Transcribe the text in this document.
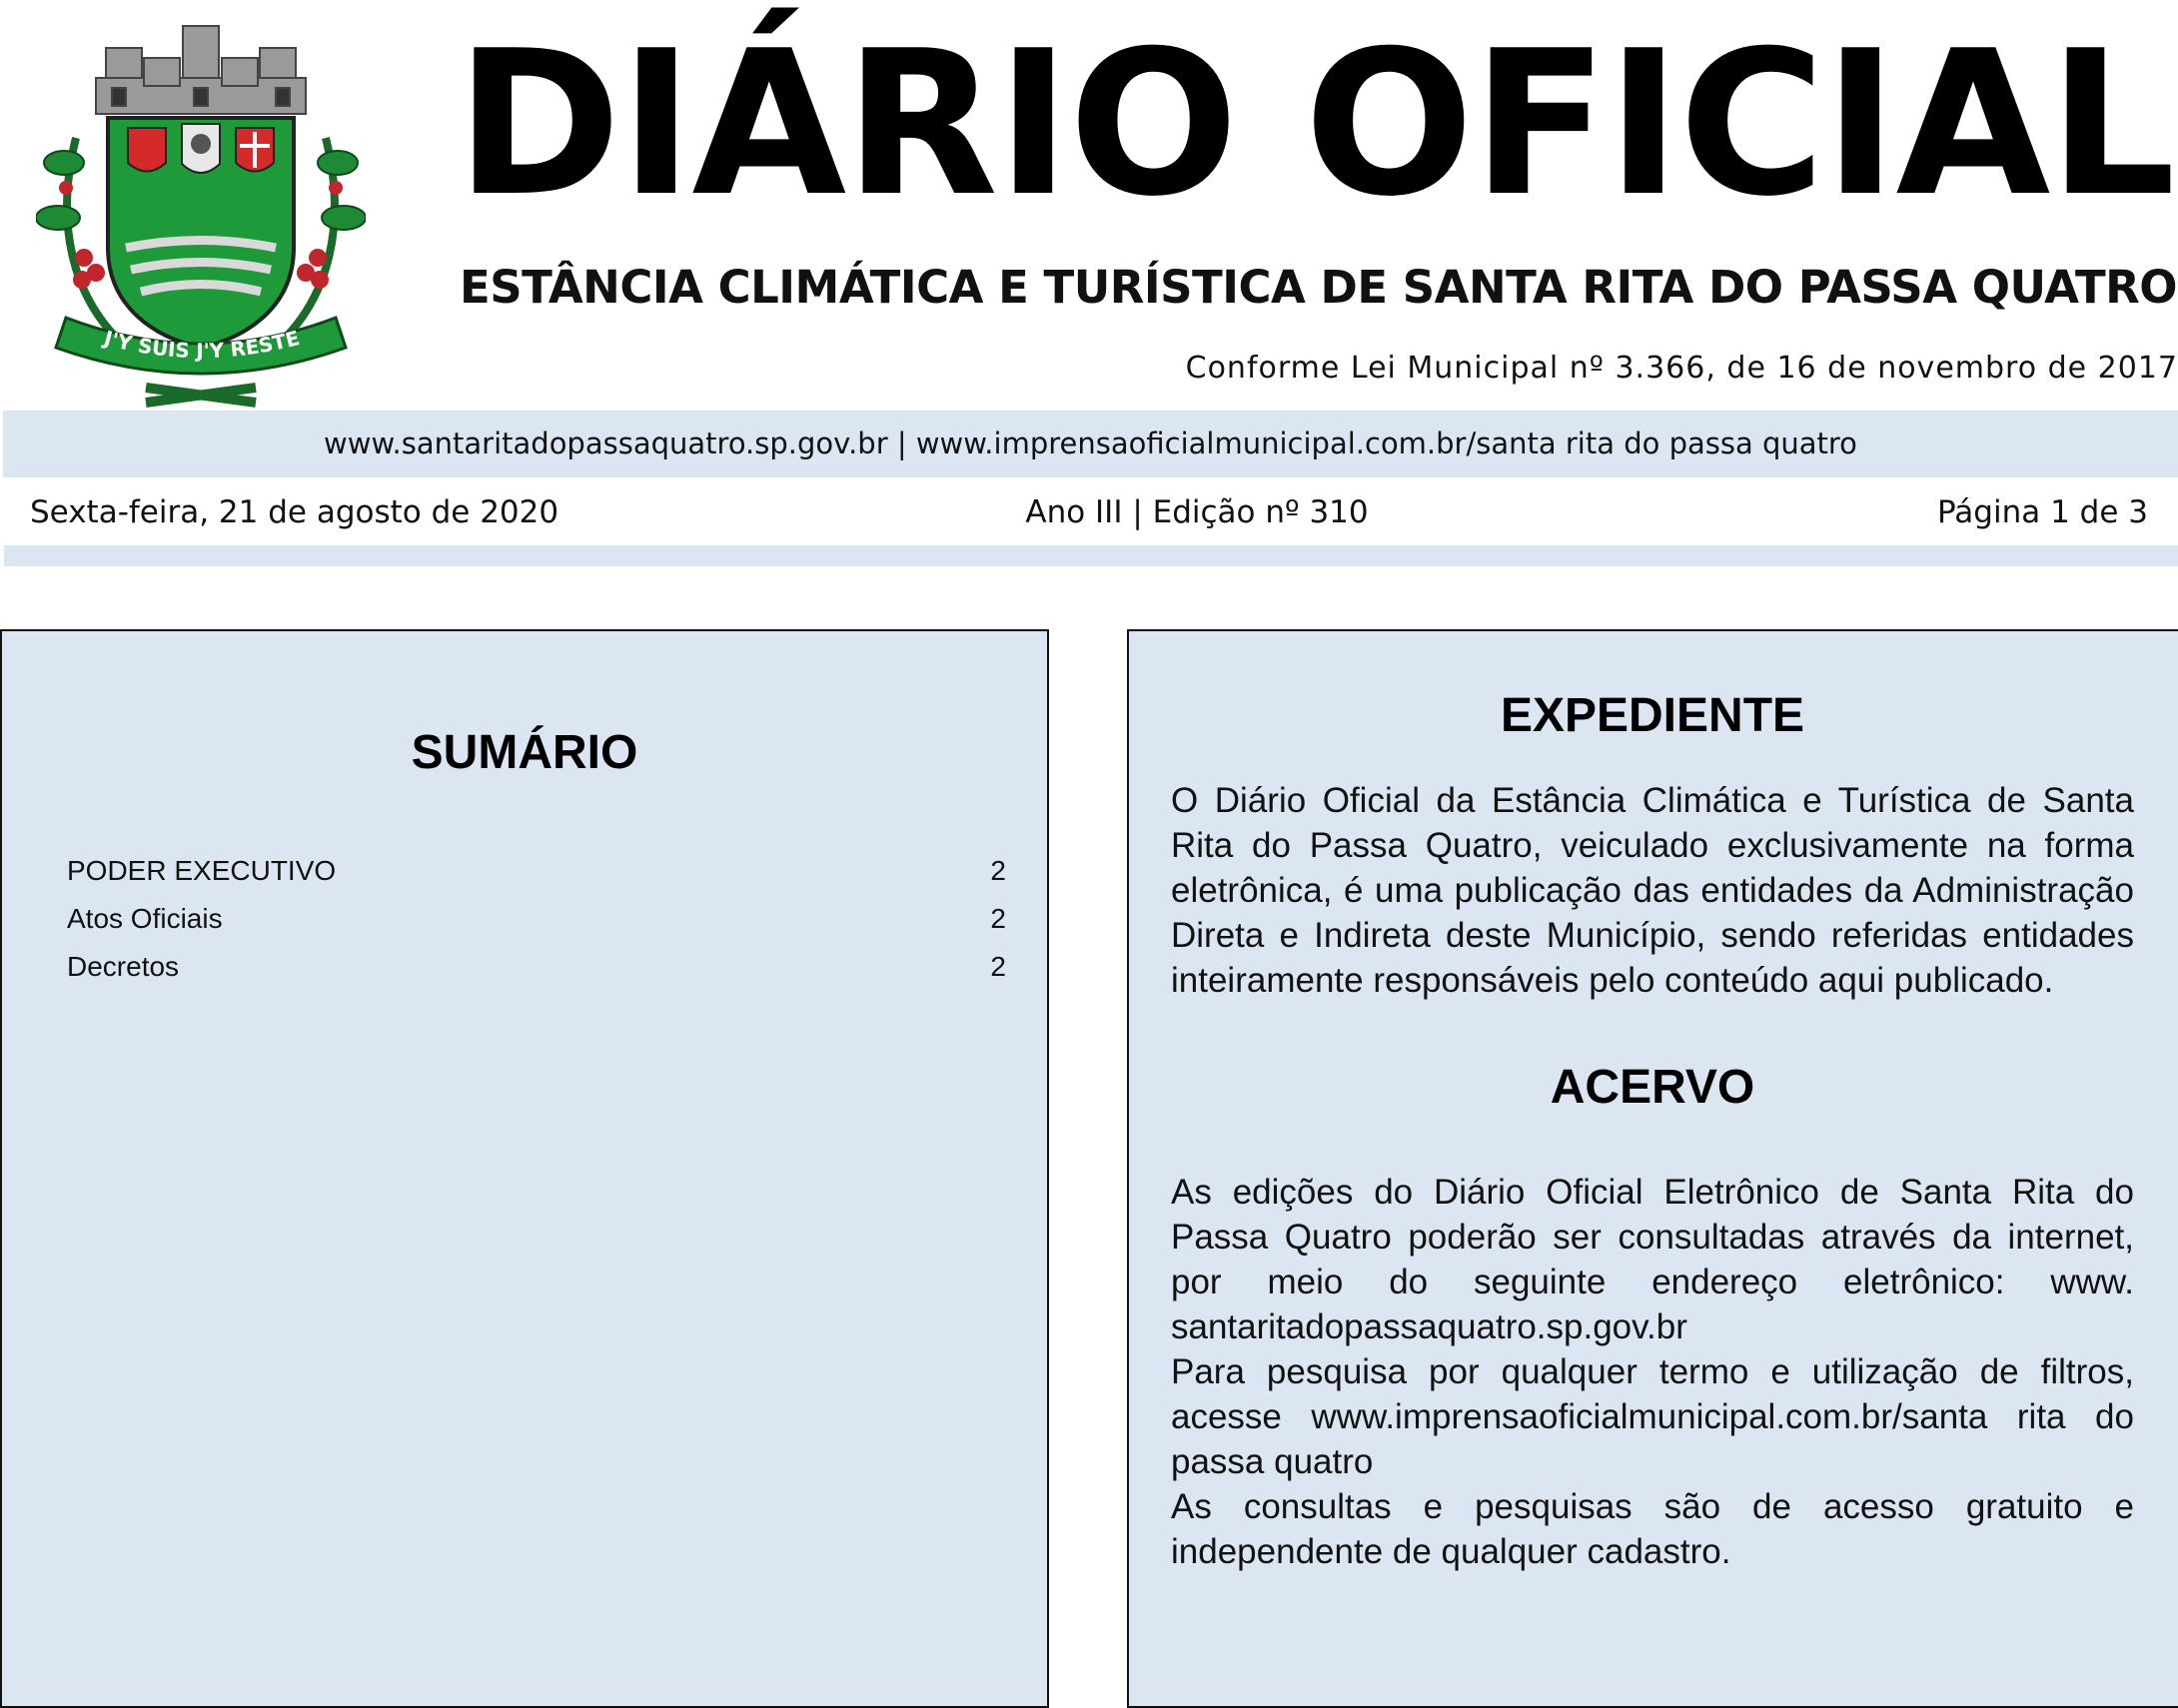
J'Y SUIS J'Y RESTE
DIÁRIO OFICIAL
ESTÂNCIA CLIMÁTICA E TURÍSTICA DE SANTA RITA DO PASSA QUATRO
Conforme Lei Municipal nº 3.366, de 16 de novembro de 2017
www.santaritadopassaquatro.sp.gov.br | www.imprensaoficialmunicipal.com.br/santa rita do passa quatro
Sexta-feira, 21 de agosto de 2020	Ano III | Edição nº 310	Página 1 de 3
SUMÁRIO
PODER EXECUTIVO	2
Atos Oficiais	2
Decretos	2
EXPEDIENTE

O Diário Oficial da Estância Climática e Turística de Santa Rita do Passa Quatro, veiculado exclusivamente na forma eletrônica, é uma publicação das entidades da Administração Direta e Indireta deste Município, sendo referidas entidades inteiramente responsáveis pelo conteúdo aqui publicado.

ACERVO

As edições do Diário Oficial Eletrônico de Santa Rita do Passa Quatro poderão ser consultadas através da internet, por meio do seguinte endereço eletrônico: www. santaritadopassaquatro.sp.gov.br

Para pesquisa por qualquer termo e utilização de filtros, acesse www.imprensaoficialmunicipal.com.br/santa rita do passa quatro

As consultas e pesquisas são de acesso gratuito e independente de qualquer cadastro.
